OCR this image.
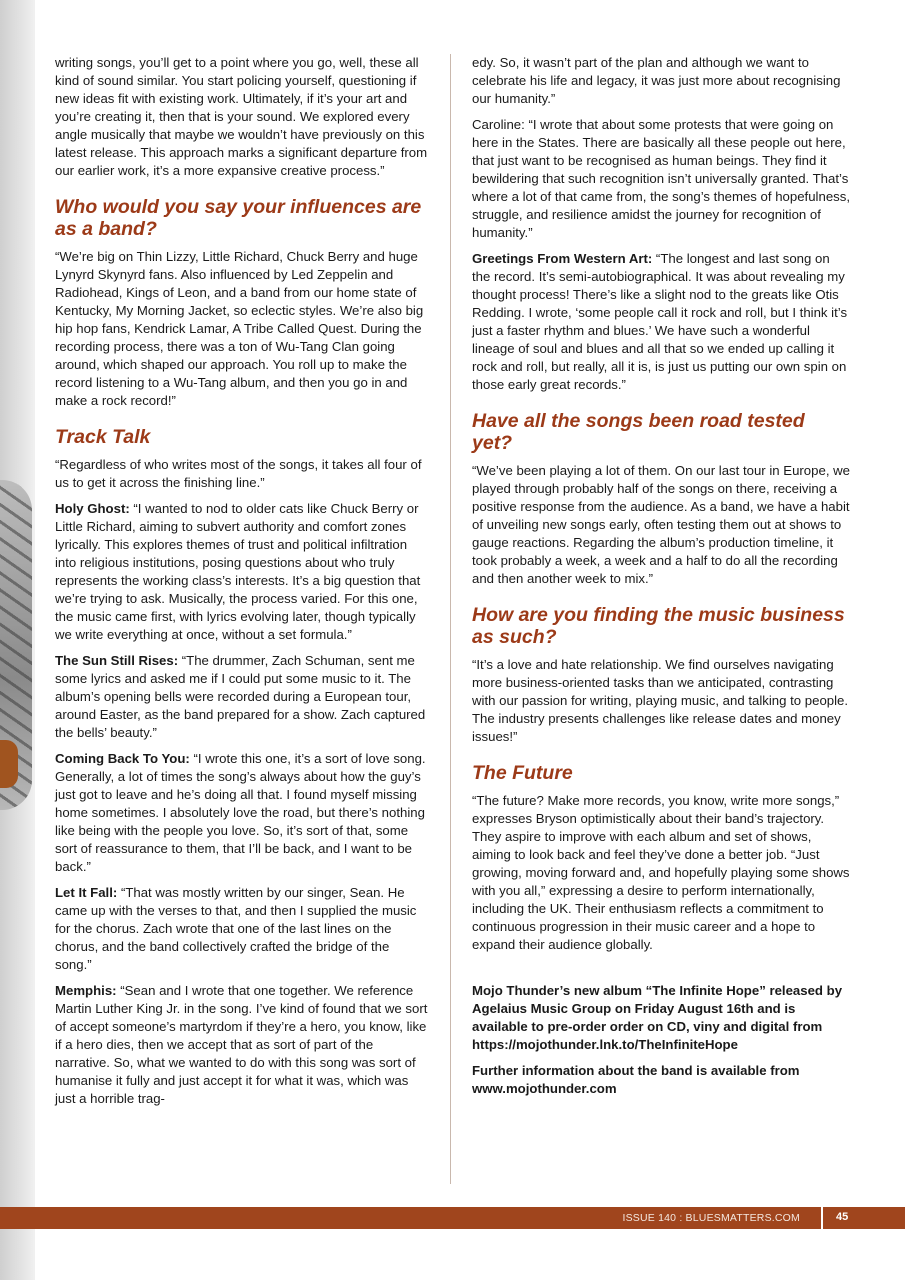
writing songs, you’ll get to a point where you go, well, these all kind of sound similar. You start policing yourself, questioning if new ideas fit with existing work. Ultimately, if it’s your art and you’re creating it, then that is your sound. We explored every angle musically that maybe we wouldn’t have previously on this latest release. This approach marks a significant departure from our earlier work, it’s a more expansive creative process.”

Who would you say your influences are as a band?

“We’re big on Thin Lizzy, Little Richard, Chuck Berry and huge Lynyrd Skynyrd fans. Also influenced by Led Zeppelin and Radiohead, Kings of Leon, and a band from our home state of Kentucky, My Morning Jacket, so eclectic styles. We’re also big hip hop fans, Kendrick Lamar, A Tribe Called Quest. During the recording process, there was a ton of Wu-Tang Clan going around, which shaped our approach. You roll up to make the record listening to a Wu-Tang album, and then you go in and make a rock record!”

Track Talk

“Regardless of who writes most of the songs, it takes all four of us to get it across the finishing line.”

Holy Ghost: “I wanted to nod to older cats like Chuck Berry or Little Richard, aiming to subvert authority and comfort zones lyrically. This explores themes of trust and political infiltration into religious institutions, posing questions about who truly represents the working class’s interests. It’s a big question that we’re trying to ask. Musically, the process varied. For this one, the music came first, with lyrics evolving later, though typically we write everything at once, without a set formula.”

The Sun Still Rises: “The drummer, Zach Schuman, sent me some lyrics and asked me if I could put some music to it. The album’s opening bells were recorded during a European tour, around Easter, as the band prepared for a show. Zach captured the bells’ beauty.”

Coming Back To You: “I wrote this one, it’s a sort of love song. Generally, a lot of times the song’s always about how the guy’s just got to leave and he’s doing all that. I found myself missing home sometimes. I absolutely love the road, but there’s nothing like being with the people you love. So, it’s sort of that, some sort of reassurance to them, that I’ll be back, and I want to be back.”

Let It Fall: “That was mostly written by our singer, Sean. He came up with the verses to that, and then I supplied the music for the chorus. Zach wrote that one of the last lines on the chorus, and the band collectively crafted the bridge of the song.”

Memphis: “Sean and I wrote that one together. We reference Martin Luther King Jr. in the song. I’ve kind of found that we sort of accept someone’s martyrdom if they’re a hero, you know, like if a hero dies, then we accept that as sort of part of the narrative. So, what we wanted to do with this song was sort of humanise it fully and just accept it for what it was, which was just a horrible trag-

edy. So, it wasn’t part of the plan and although we want to celebrate his life and legacy, it was just more about recognising our humanity.”

Caroline: “I wrote that about some protests that were going on here in the States. There are basically all these people out here, that just want to be recognised as human beings. They find it bewildering that such recognition isn’t universally granted. That’s where a lot of that came from, the song’s themes of hopefulness, struggle, and resilience amidst the journey for recognition of humanity.”

Greetings From Western Art: “The longest and last song on the record. It’s semi-autobiographical. It was about revealing my thought process! There’s like a slight nod to the greats like Otis Redding. I wrote, ‘some people call it rock and roll, but I think it’s just a faster rhythm and blues.’ We have such a wonderful lineage of soul and blues and all that so we ended up calling it rock and roll, but really, all it is, is just us putting our own spin on those early great records.”

Have all the songs been road tested yet?

“We’ve been playing a lot of them. On our last tour in Europe, we played through probably half of the songs on there, receiving a positive response from the audience. As a band, we have a habit of unveiling new songs early, often testing them out at shows to gauge reactions. Regarding the album’s production timeline, it took probably a week, a week and a half to do all the recording and then another week to mix.”

How are you finding the music business as such?

“It’s a love and hate relationship. We find ourselves navigating more business-oriented tasks than we anticipated, contrasting with our passion for writing, playing music, and talking to people. The industry presents challenges like release dates and money issues!”

The Future

“The future? Make more records, you know, write more songs,” expresses Bryson optimistically about their band’s trajectory. They aspire to improve with each album and set of shows, aiming to look back and feel they’ve done a better job. “Just growing, moving forward and, and hopefully playing some shows with you all,” expressing a desire to perform internationally, including the UK. Their enthusiasm reflects a commitment to continuous progression in their music career and a hope to expand their audience globally.

Mojo Thunder’s new album “The Infinite Hope” released by Agelaius Music Group on Friday August 16th and is available to pre-order order on CD, viny and digital from https://mojothunder.lnk.to/TheInfiniteHope

Further information about the band is available from www.mojothunder.com

ISSUE 140 : BLUESMATTERS.COM	45
